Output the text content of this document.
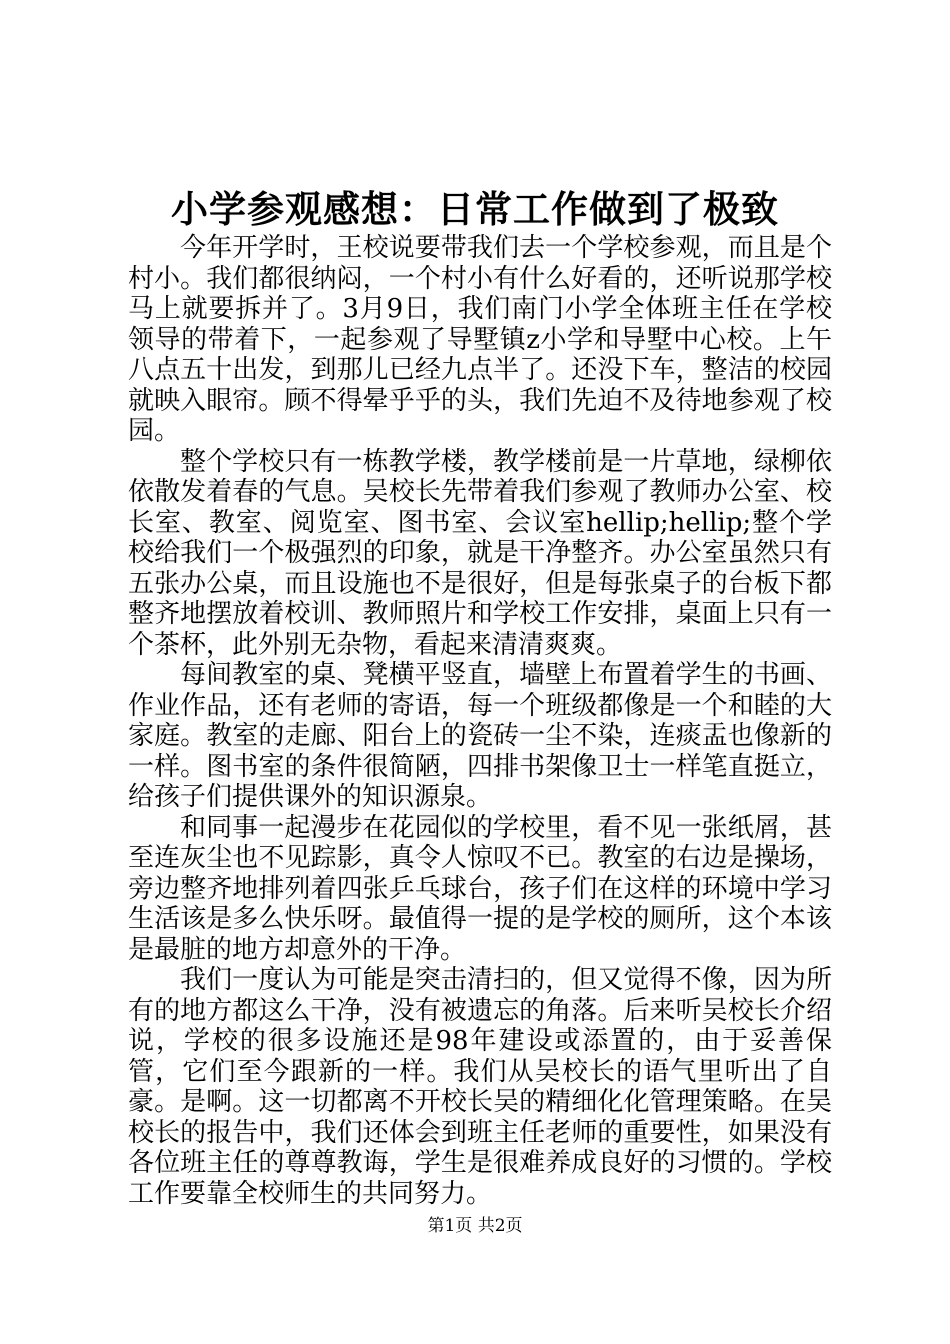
小学参观感想：日常工作做到了极致

今年开学时，王校说要带我们去一个学校参观，而且是个村小。我们都很纳闷，一个村小有什么好看的，还听说那学校马上就要拆并了。3月9日，我们南门小学全体班主任在学校领导的带着下，一起参观了导墅镇z小学和导墅中心校。上午八点五十出发，到那儿已经九点半了。还没下车，整洁的校园就映入眼帘。顾不得晕乎乎的头，我们先迫不及待地参观了校园。

整个学校只有一栋教学楼，教学楼前是一片草地，绿柳依依散发着春的气息。吴校长先带着我们参观了教师办公室、校长室、教室、阅览室、图书室、会议室hellip;hellip;整个学校给我们一个极强烈的印象，就是干净整齐。办公室虽然只有五张办公桌，而且设施也不是很好，但是每张桌子的台板下都整齐地摆放着校训、教师照片和学校工作安排，桌面上只有一个茶杯，此外别无杂物，看起来清清爽爽。

每间教室的桌、凳横平竖直，墙壁上布置着学生的书画、作业作品，还有老师的寄语，每一个班级都像是一个和睦的大家庭。教室的走廊、阳台上的瓷砖一尘不染，连痰盂也像新的一样。图书室的条件很简陋，四排书架像卫士一样笔直挺立，给孩子们提供课外的知识源泉。

和同事一起漫步在花园似的学校里，看不见一张纸屑，甚至连灰尘也不见踪影，真令人惊叹不已。教室的右边是操场，旁边整齐地排列着四张乒乓球台，孩子们在这样的环境中学习生活该是多么快乐呀。最值得一提的是学校的厕所，这个本该是最脏的地方却意外的干净。

我们一度认为可能是突击清扫的，但又觉得不像，因为所有的地方都这么干净，没有被遗忘的角落。后来听吴校长介绍说，学校的很多设施还是98年建设或添置的，由于妥善保管，它们至今跟新的一样。我们从吴校长的语气里听出了自豪。是啊。这一切都离不开校长吴的精细化化管理策略。在吴校长的报告中，我们还体会到班主任老师的重要性，如果没有各位班主任的尊尊教诲，学生是很难养成良好的习惯的。学校工作要靠全校师生的共同努力。

第1页 共2页
